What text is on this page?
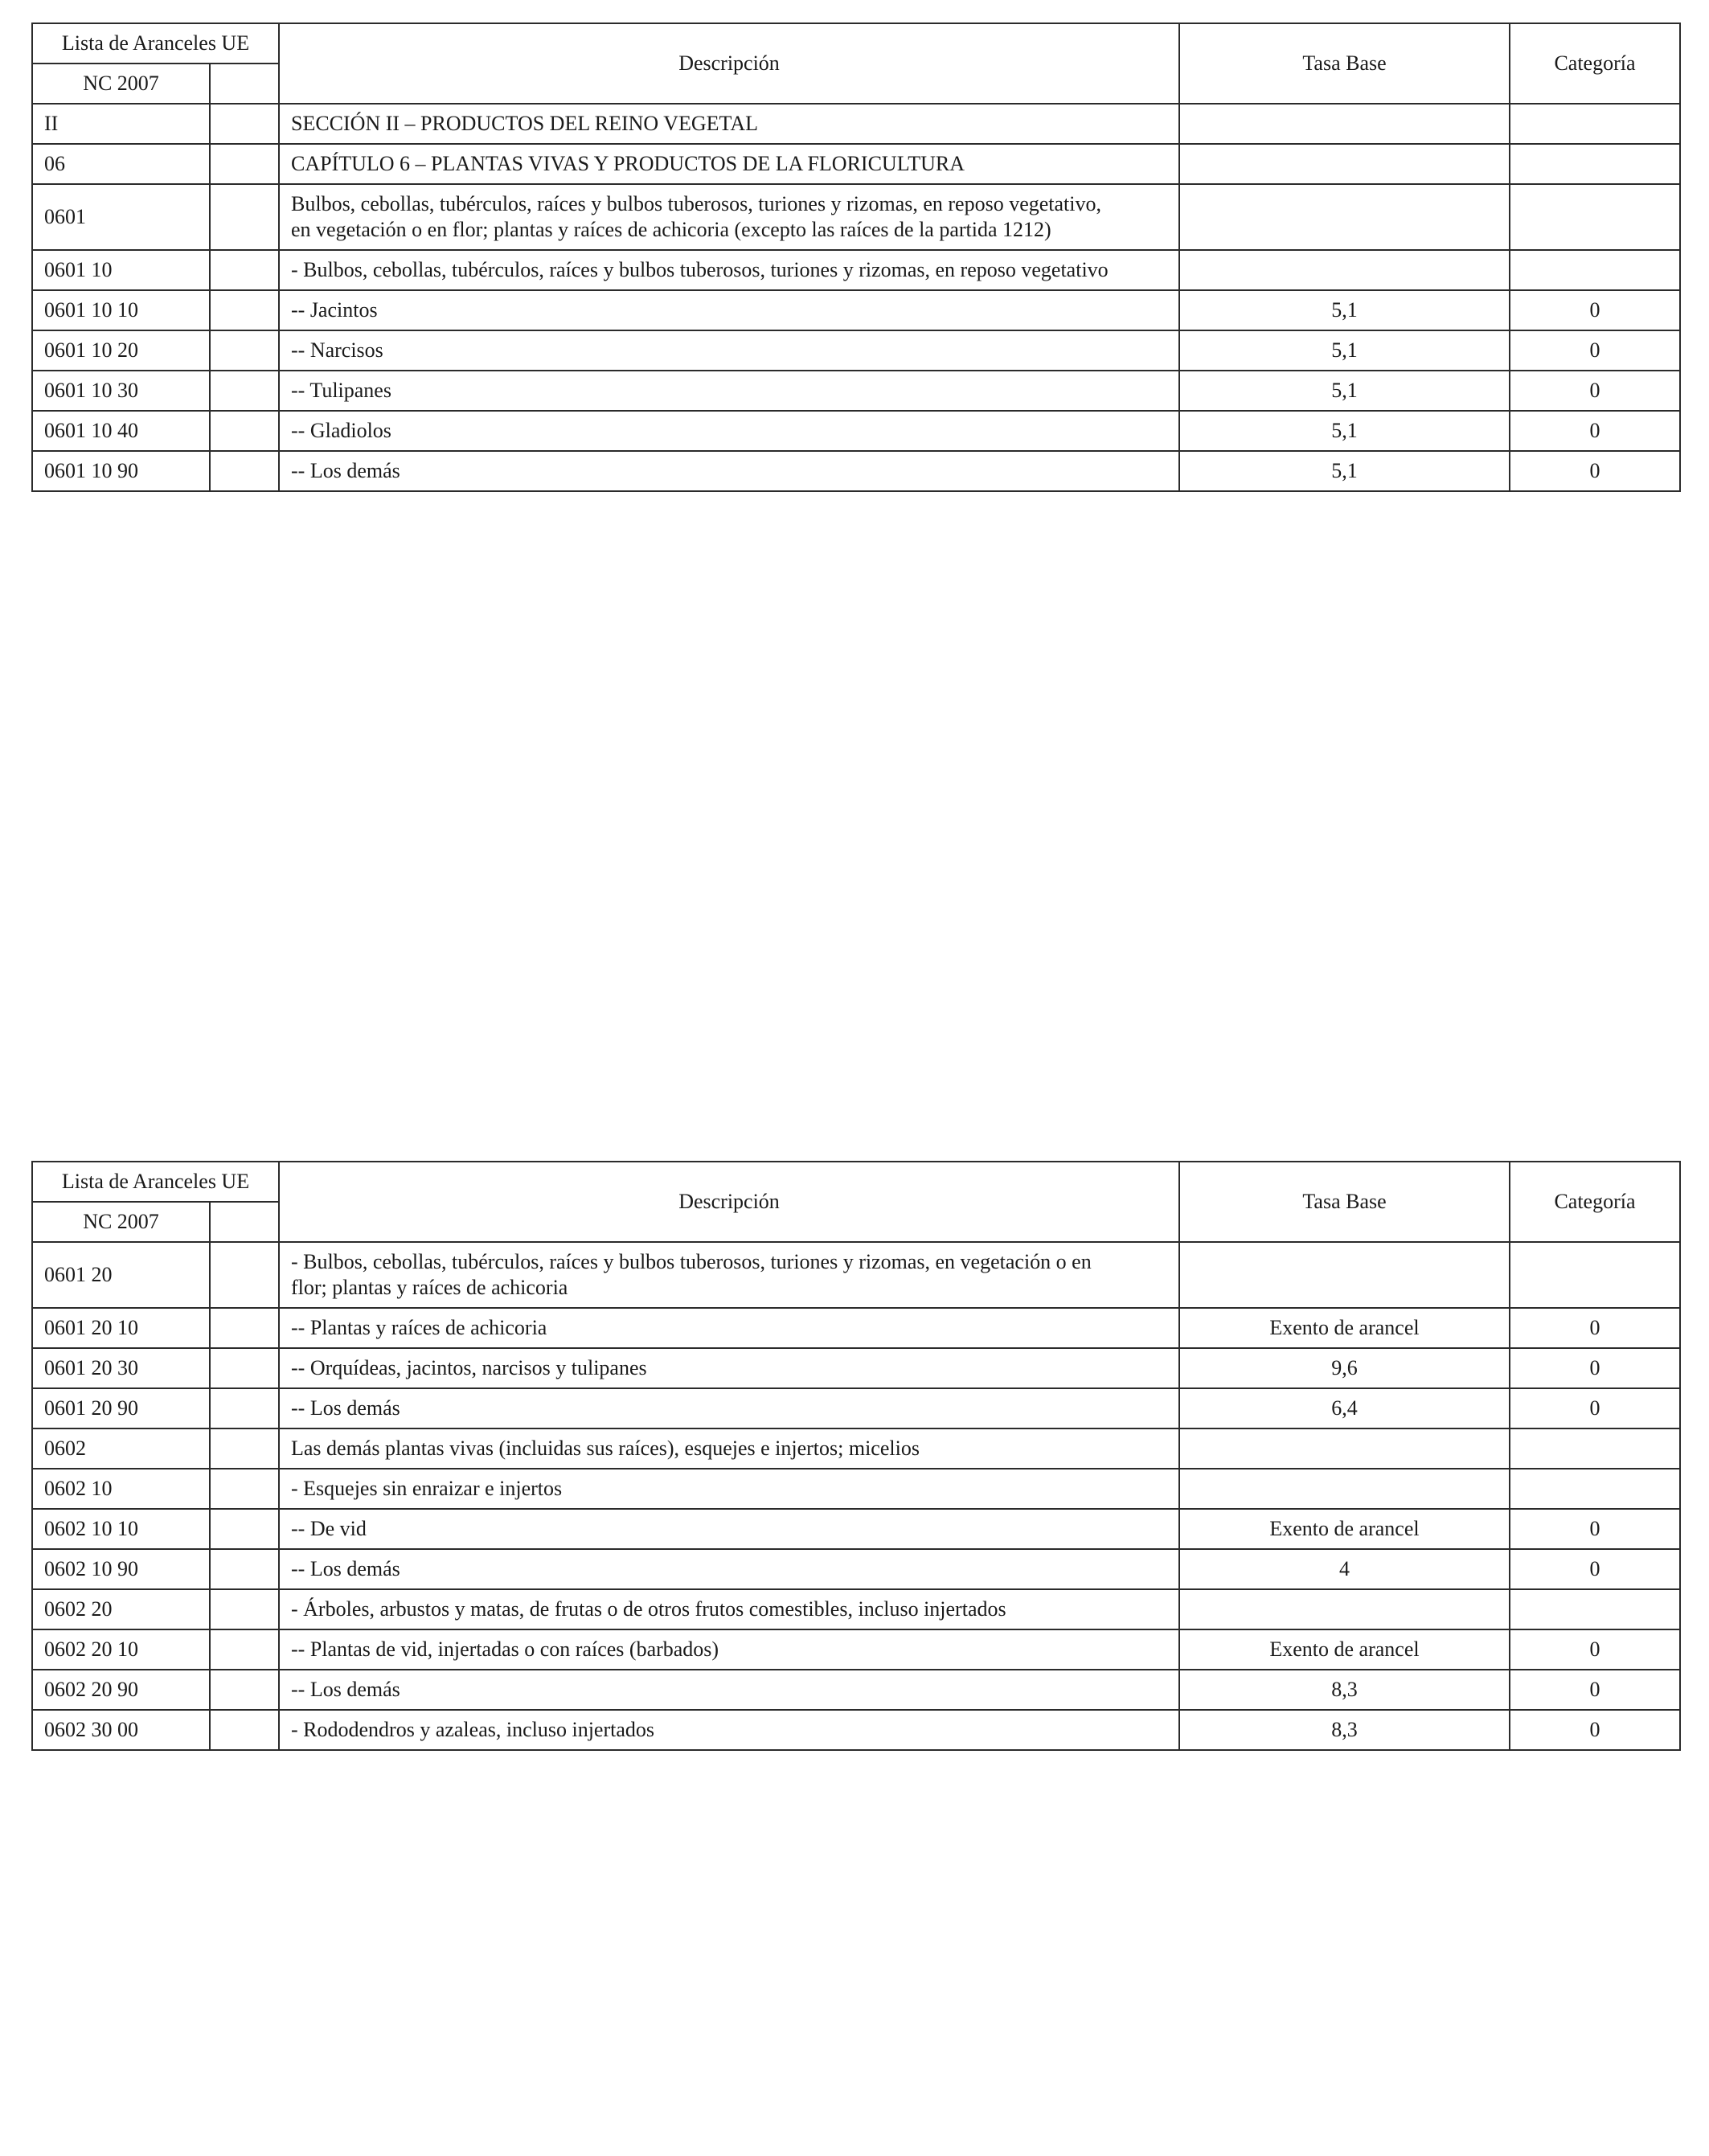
Lista de Aranceles UE		Descripción	Tasa Base	Categoría
NC 2007				
II		SECCIÓN II – PRODUCTOS DEL REINO VEGETAL		
06		CAPÍTULO 6 – PLANTAS VIVAS Y PRODUCTOS DE LA FLORICULTURA		
0601		Bulbos, cebollas, tubérculos, raíces y bulbos tuberosos, turiones y rizomas, en reposo vegetativo,
en vegetación o en flor; plantas y raíces de achicoria (excepto las raíces de la partida 1212)		

0601 10		- Bulbos, cebollas, tubérculos, raíces y bulbos tuberosos, turiones y rizomas, en reposo vegetativo		
0601 10 10		-- Jacintos	5,1	0
0601 10 20		-- Narcisos	5,1	0
0601 10 30		-- Tulipanes	5,1	0
0601 10 40		-- Gladiolos	5,1	0
0601 10 90		-- Los demás	5,1	0
Lista de Aranceles UE		Descripción	Tasa Base	Categoría
NC 2007				
0601 20		- Bulbos, cebollas, tubérculos, raíces y bulbos tuberosos, turiones y rizomas, en vegetación o en
flor; plantas y raíces de achicoria		

0601 20 10		-- Plantas y raíces de achicoria	Exento de arancel	0
0601 20 30		-- Orquídeas, jacintos, narcisos y tulipanes	9,6	0
0601 20 90		-- Los demás	6,4	0
0602		Las demás plantas vivas (incluidas sus raíces), esquejes e injertos; micelios		
0602 10		- Esquejes sin enraizar e injertos		
0602 10 10		-- De vid	Exento de arancel	0
0602 10 90		-- Los demás	4	0
0602 20		- Árboles, arbustos y matas, de frutas o de otros frutos comestibles, incluso injertados		
0602 20 10		-- Plantas de vid, injertadas o con raíces (barbados)	Exento de arancel	0
0602 20 90		-- Los demás	8,3	0
0602 30 00		- Rododendros y azaleas, incluso injertados	8,3	0
